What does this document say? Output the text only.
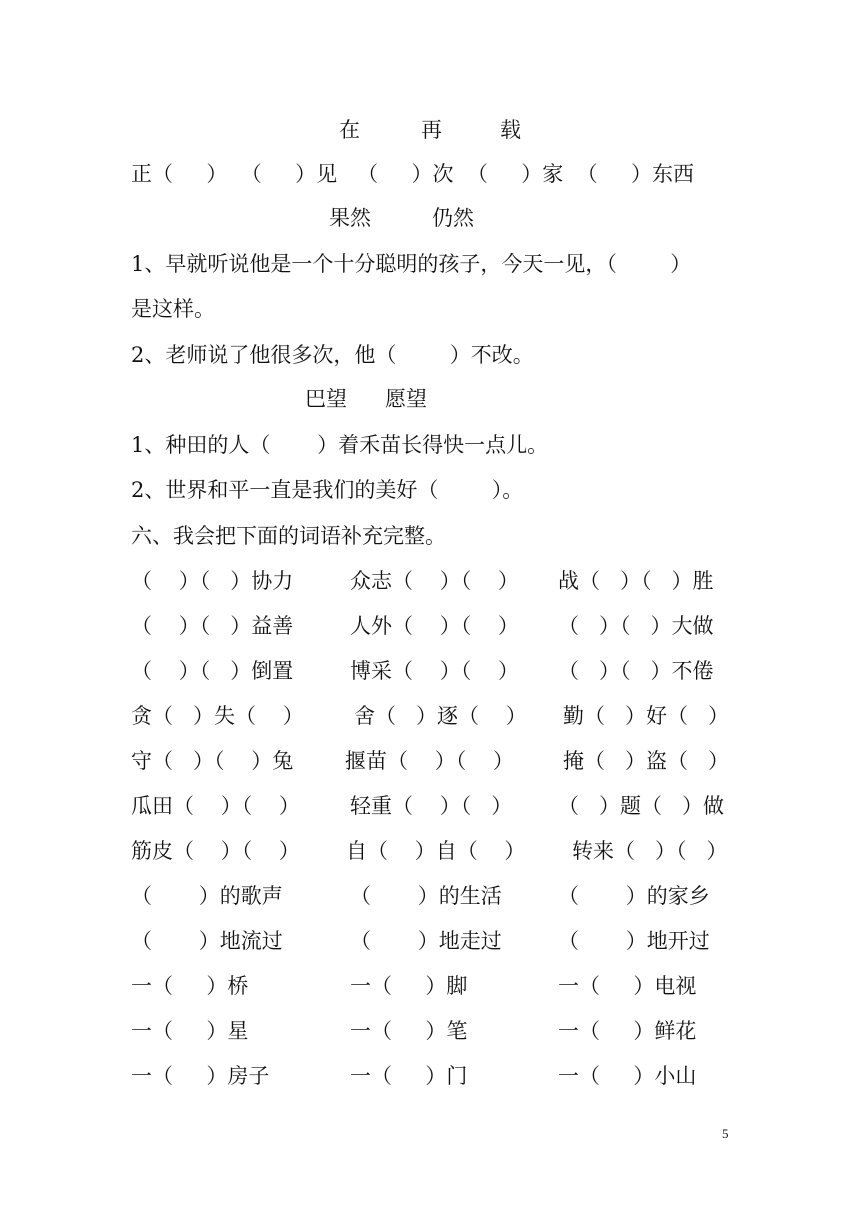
在	再	载
正（     ）  （     ）见   （     ）次  （     ）家  （     ）东西
果然	仍然
1、早就听说他是一个十分聪明的孩子，今天一见，（        ）
是这样。
2、老师说了他很多次，他（        ）不改。
巴望 愿望
1、种田的人（       ）着禾苗长得快一点儿。
2、世界和平一直是我们的美好（        ）。
六、我会把下面的词语补充完整。
（    ）（   ）协力	众志（    ）（    ） 战（   ）（   ）胜
（    ）（   ）益善	人外（    ）（    ） （   ）（   ）大做
（    ）（   ）倒置	博采（    ）（    ） （   ）（   ）不倦
贪（   ）失（    ） 舍（   ）逐（    ） 勤（   ）好（   ）
守（   ）（    ）兔 揠苗（    ）（    ） 掩（   ）盗（   ）
瓜田（    ）（    ） 轻重（    ）（   ） （   ）题（   ）做
筋皮（    ）（    ） 自（    ）自（    ） 转来（   ）（   ）
（       ）的歌声	（       ）的生活	（       ）的家乡
（       ）地流过	（       ）地走过	（       ）地开过
一（     ）桥	一（     ）脚	一（     ）电视
一（     ）星	一（     ）笔	一（     ）鲜花
一（     ）房子	一（     ）门	一（     ）小山
5
